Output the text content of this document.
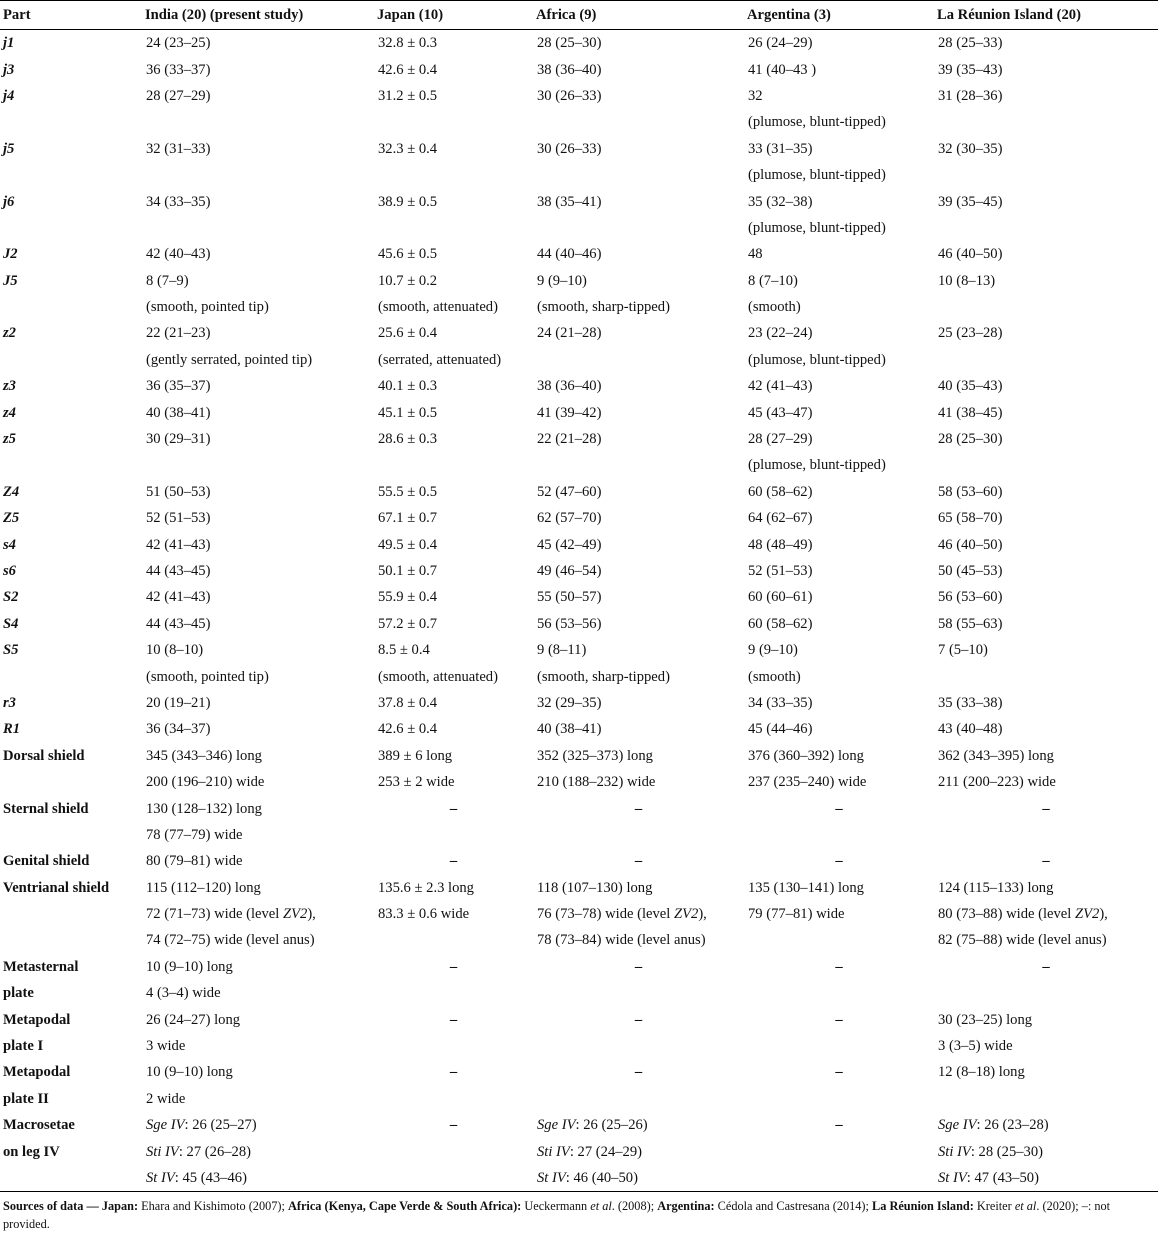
Part	India (20) (present study)	Japan (10)	Africa (9)	Argentina (3)	La Réunion Island (20)
j1	24 (23–25)	32.8 ± 0.3	28 (25–30)	26 (24–29)	28 (25–33)
j3	36 (33–37)	42.6 ± 0.4	38 (36–40)	41 (40–43 )	39 (35–43)
j4	28 (27–29)	31.2 ± 0.5	30 (26–33)	32	31 (28–36)
				(plumose, blunt-tipped)	
j5	32 (31–33)	32.3 ± 0.4	30 (26–33)	33 (31–35)	32 (30–35)
				(plumose, blunt-tipped)	
j6	34 (33–35)	38.9 ± 0.5	38 (35–41)	35 (32–38)	39 (35–45)
				(plumose, blunt-tipped)	
J2	42 (40–43)	45.6 ± 0.5	44 (40–46)	48	46 (40–50)
J5	8 (7–9)	10.7 ± 0.2	9 (9–10)	8 (7–10)	10 (8–13)
	(smooth, pointed tip)	(smooth, attenuated)	(smooth, sharp-tipped)	(smooth)	
z2	22 (21–23)	25.6 ± 0.4	24 (21–28)	23 (22–24)	25 (23–28)
	(gently serrated, pointed tip)	(serrated, attenuated)		(plumose, blunt-tipped)	
z3	36 (35–37)	40.1 ± 0.3	38 (36–40)	42 (41–43)	40 (35–43)
z4	40 (38–41)	45.1 ± 0.5	41 (39–42)	45 (43–47)	41 (38–45)
z5	30 (29–31)	28.6 ± 0.3	22 (21–28)	28 (27–29)	28 (25–30)
				(plumose, blunt-tipped)	
Z4	51 (50–53)	55.5 ± 0.5	52 (47–60)	60 (58–62)	58 (53–60)
Z5	52 (51–53)	67.1 ± 0.7	62 (57–70)	64 (62–67)	65 (58–70)
s4	42 (41–43)	49.5 ± 0.4	45 (42–49)	48 (48–49)	46 (40–50)
s6	44 (43–45)	50.1 ± 0.7	49 (46–54)	52 (51–53)	50 (45–53)
S2	42 (41–43)	55.9 ± 0.4	55 (50–57)	60 (60–61)	56 (53–60)
S4	44 (43–45)	57.2 ± 0.7	56 (53–56)	60 (58–62)	58 (55–63)
S5	10 (8–10)	8.5 ± 0.4	9 (8–11)	9 (9–10)	7 (5–10)
	(smooth, pointed tip)	(smooth, attenuated)	(smooth, sharp-tipped)	(smooth)	
r3	20 (19–21)	37.8 ± 0.4	32 (29–35)	34 (33–35)	35 (33–38)
R1	36 (34–37)	42.6 ± 0.4	40 (38–41)	45 (44–46)	43 (40–48)
Dorsal shield	345 (343–346) long	389 ± 6 long	352 (325–373) long	376 (360–392) long	362 (343–395) long
	200 (196–210) wide	253 ± 2 wide	210 (188–232) wide	237 (235–240) wide	211 (200–223) wide
Sternal shield	130 (128–132) long	–	–	–	–
	78 (77–79) wide				
Genital shield	80 (79–81) wide	–	–	–	–
Ventrianal shield	115 (112–120) long	135.6 ± 2.3 long	118 (107–130) long	135 (130–141) long	124 (115–133) long
	72 (71–73) wide (level ZV2),	83.3 ± 0.6 wide	76 (73–78) wide (level ZV2),	79 (77–81) wide	80 (73–88) wide (level ZV2),
	74 (72–75) wide (level anus)		78 (73–84) wide (level anus)		82 (75–88) wide (level anus)
Metasternal	10 (9–10) long	–	–	–	–
plate	4 (3–4) wide				
Metapodal	26 (24–27) long	–	–	–	30 (23–25) long
plate I	3 wide				3 (3–5) wide
Metapodal	10 (9–10) long	–	–	–	12 (8–18) long
plate II	2 wide				
Macrosetae	Sge IV: 26 (25–27)	–	Sge IV: 26 (25–26)	–	Sge IV: 26 (23–28)
on leg IV	Sti IV: 27 (26–28)		Sti IV: 27 (24–29)		Sti IV: 28 (25–30)
	St IV: 45 (43–46)		St IV: 46 (40–50)		St IV: 47 (43–50)
Sources of data — Japan: Ehara and Kishimoto (2007); Africa (Kenya, Cape Verde & South Africa): Ueckermann et al. (2008); Argentina: Cédola and Castresana (2014); La Réunion Island: Kreiter et al. (2020); –: not provided.
